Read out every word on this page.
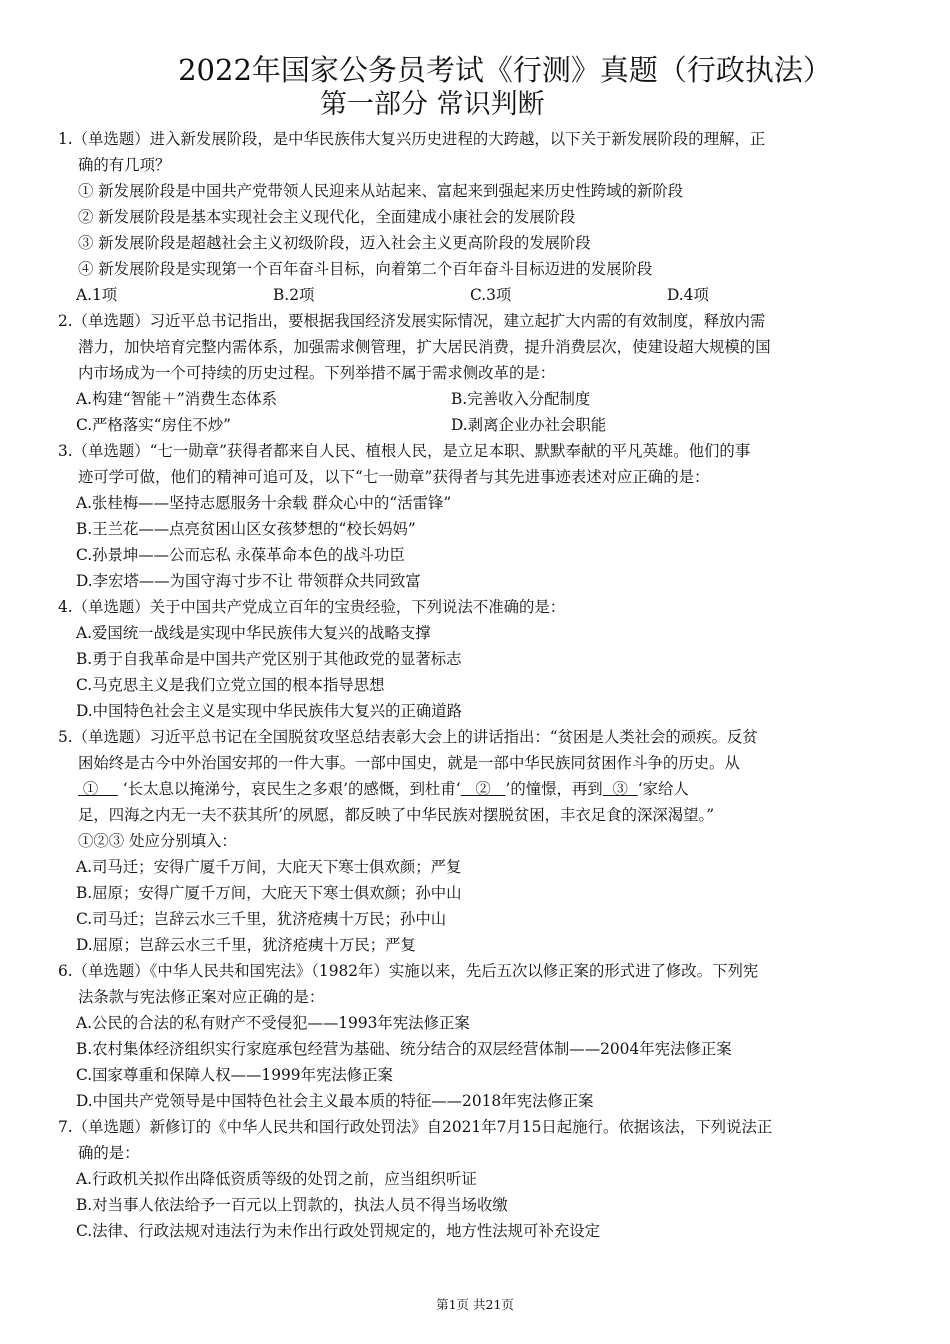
2022年国家公务员考试《行测》真题（行政执法）
第一部分 常识判断
1.（单选题）进入新发展阶段，是中华民族伟大复兴历史进程的大跨越，以下关于新发展阶段的理解，正
确的有几项？
① 新发展阶段是中国共产党带领人民迎来从站起来、富起来到强起来历史性跨域的新阶段
② 新发展阶段是基本实现社会主义现代化，全面建成小康社会的发展阶段
③ 新发展阶段是超越社会主义初级阶段，迈入社会主义更高阶段的发展阶段
④ 新发展阶段是实现第一个百年奋斗目标，向着第二个百年奋斗目标迈进的发展阶段
A.1项	B.2项	C.3项	D.4项
2.（单选题）习近平总书记指出，要根据我国经济发展实际情况，建立起扩大内需的有效制度，释放内需
潜力，加快培育完整内需体系，加强需求侧管理，扩大居民消费，提升消费层次，使建设超大规模的国
内市场成为一个可持续的历史过程。下列举措不属于需求侧改革的是：
A.构建“智能＋”消费生态体系	B.完善收入分配制度
C.严格落实“房住不炒”	D.剥离企业办社会职能
3.（单选题）“七一勋章”获得者都来自人民、植根人民，是立足本职、默默奉献的平凡英雄。他们的事
迹可学可做，他们的精神可追可及，以下“七一勋章”获得者与其先进事迹表述对应正确的是：
A.张桂梅——坚持志愿服务十余载 群众心中的“活雷锋”
B.王兰花——点亮贫困山区女孩梦想的“校长妈妈”
C.孙景坤——公而忘私 永葆革命本色的战斗功臣
D.李宏塔——为国守海寸步不让 带领群众共同致富
4.（单选题）关于中国共产党成立百年的宝贵经验，下列说法不准确的是：
A.爱国统一战线是实现中华民族伟大复兴的战略支撑
B.勇于自我革命是中国共产党区别于其他政党的显著标志
C.马克思主义是我们立党立国的根本指导思想
D.中国特色社会主义是实现中华民族伟大复兴的正确道路
5.（单选题）习近平总书记在全国脱贫攻坚总结表彰大会上的讲话指出：“贫困是人类社会的顽疾。反贫
困始终是古今中外治国安邦的一件大事。一部中国史，就是一部中华民族同贫困作斗争的历史。从
①     ‘长太息以掩涕兮，哀民生之多艰’的感慨，到杜甫‘ ② ’的憧憬，再到 ③ ‘家给人
足，四海之内无一夫不获其所’的夙愿，都反映了中华民族对摆脱贫困，丰衣足食的深深渴望。”
①②③ 处应分别填入：
A.司马迁；安得广厦千万间，大庇天下寒士俱欢颜；严复
B.屈原；安得广厦千万间，大庇天下寒士俱欢颜；孙中山
C.司马迁；岂辞云水三千里，犹济疮痍十万民；孙中山
D.屈原；岂辞云水三千里，犹济疮痍十万民；严复
6.（单选题）《中华人民共和国宪法》（1982年）实施以来，先后五次以修正案的形式进了修改。下列宪
法条款与宪法修正案对应正确的是：
A.公民的合法的私有财产不受侵犯——1993年宪法修正案
B.农村集体经济组织实行家庭承包经营为基础、统分结合的双层经营体制——2004年宪法修正案
C.国家尊重和保障人权——1999年宪法修正案
D.中国共产党领导是中国特色社会主义最本质的特征——2018年宪法修正案
7.（单选题）新修订的《中华人民共和国行政处罚法》自2021年7月15日起施行。依据该法，下列说法正
确的是：
A.行政机关拟作出降低资质等级的处罚之前，应当组织听证
B.对当事人依法给予一百元以上罚款的，执法人员不得当场收缴
C.法律、行政法规对违法行为未作出行政处罚规定的，地方性法规可补充设定
第1页 共21页
